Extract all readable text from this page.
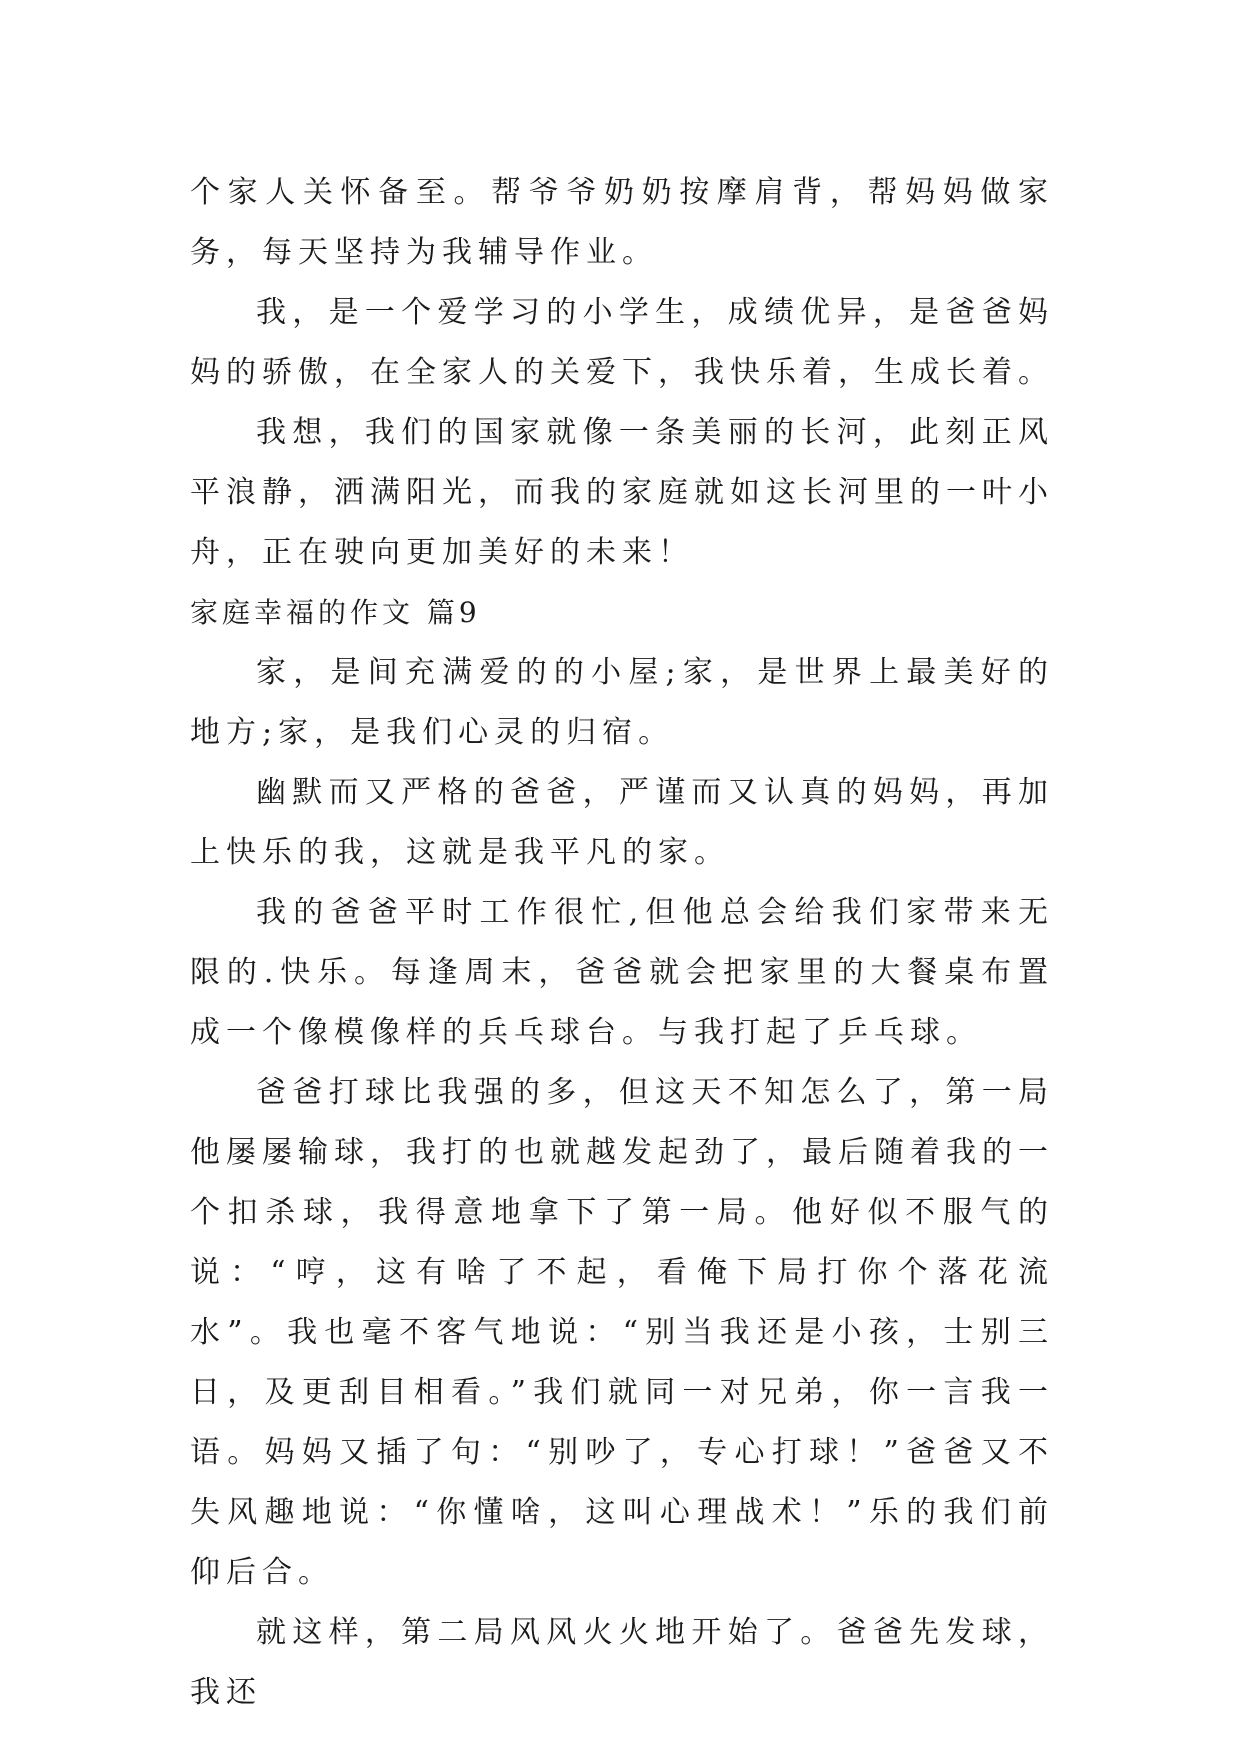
个家人关怀备至。帮爷爷奶奶按摩肩背，帮妈妈做家务，每天坚持为我辅导作业。

我，是一个爱学习的小学生，成绩优异，是爸爸妈妈的骄傲，在全家人的关爱下，我快乐着，生成长着。

我想，我们的国家就像一条美丽的长河，此刻正风平浪静，洒满阳光，而我的家庭就如这长河里的一叶小舟，正在驶向更加美好的未来！

家庭幸福的作文 篇9

家，是间充满爱的的小屋;家，是世界上最美好的地方;家，是我们心灵的归宿。

幽默而又严格的爸爸，严谨而又认真的妈妈，再加上快乐的我，这就是我平凡的家。

我的爸爸平时工作很忙,但他总会给我们家带来无限的.快乐。每逢周末，爸爸就会把家里的大餐桌布置成一个像模像样的兵乓球台。与我打起了乒乓球。

爸爸打球比我强的多，但这天不知怎么了，第一局他屡屡输球，我打的也就越发起劲了，最后随着我的一个扣杀球，我得意地拿下了第一局。他好似不服气的说：“哼，这有啥了不起，看俺下局打你个落花流水”。我也毫不客气地说：“别当我还是小孩，士别三日，及更刮目相看。”我们就同一对兄弟，你一言我一语。妈妈又插了句：“别吵了，专心打球！”爸爸又不失风趣地说：“你懂啥，这叫心理战术！”乐的我们前仰后合。

就这样，第二局风风火火地开始了。爸爸先发球，我还
